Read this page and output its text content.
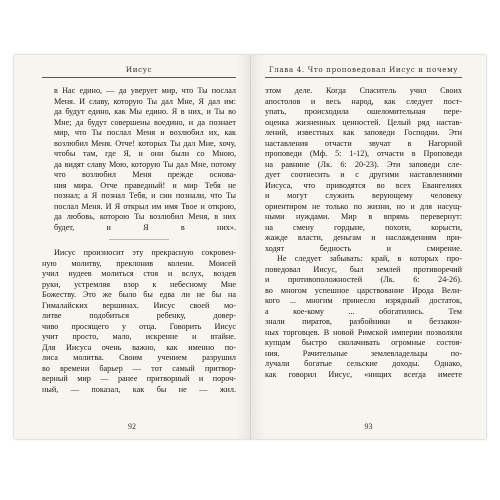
Иисус
в Нас едино, — да уверует мир, что Ты послал
Меня. И славу, которую Ты дал Мне, Я дал им:
да будут едино, как Мы едино. Я в них, и Ты во
Мне; да будут совершены воедино, и да познает
мир, что Ты послал Меня и возлюбил их, как
возлюбил Меня. Отче! которых Ты дал Мне, хочу,
чтобы там, где Я, и они были со Мною,
да видят славу Мою, которую Ты дал Мне, потому
что возлюбил Меня прежде основа-
ния мира. Отче праведный! и мир Тебя не
познал; а Я познал Тебя, и сии познали, что Ты
послал Меня. И Я открыл им имя Твое и открою,
да любовь, которою Ты возлюбил Меня, в них
будет, и Я в них».
Иисус произносит эту прекрасную сокровен-
ную молитву, преклонив колени. Моисей
учил иудеев молиться стоя и вслух, воздев
руки, устремляя взор к небесному Мне
Божеству. Это же было бы едва ли не бы на
Гималайских вершинах. Иисус своей мо-
литве подобиться ребенку, довер-
чиво просящего у отца. Говорить Иисус
учит просто, мало, искренне и втайне.
Для Иисуса очень важно, как именно по-
лиса молитва. Своим учением разрушил
во времени барьер — тот самый притвор-
верный мир — ранее притворный и пороч-
ный, — показал, как бы не — жил.
92
Глава 4. Что проповедовал Иисус и почему
этом деле. Когда Спаситель учил Своих
апостолов и весь народ, как следует пост-
упать, происходила ошеломительная пере-
оценка жизненных ценностей. Целый ряд настав-
лений, известных как заповеди Господни. Эти
наставления отчасти звучат в Нагорной
проповеди (Мф. 5: 1-12), отчасти в Проповеди
на равнине (Лк. 6: 20-23). Эти заповеди сле-
дует соотнесить и с другими наставлениями
Иисуса, что приводятся во всех Евангелиях
и могут служить верующему человеку
ориентиром не только по жизни, но и для насущ-
ными нуждами. Мир в впрямь перевернут:
на смену гордыне, похоти, корысти,
жажде власти, деньгам и наслаждениям при-
ходят бедность и смирение.
Не следует забывать: край, в которых про-
поведовал Иисус, был землей противоречий
и противоположностей (Лк. 6: 24-26).
во многом успешное царствование Ирода Вели-
кого ... многим принесло изрядный достаток,
а кое-кому ... обогатились. Тем
знали пиратов, разбойники и беззакон-
ных торговцев. В новой Римской империи позволяли
купцам быстро сколачивать огромные состоя-
ния. Рачительные землевладельцы по-
лучали богатые сельские доходы. Однако,
как говорил Иисус, «нищих всегда имеете
93
